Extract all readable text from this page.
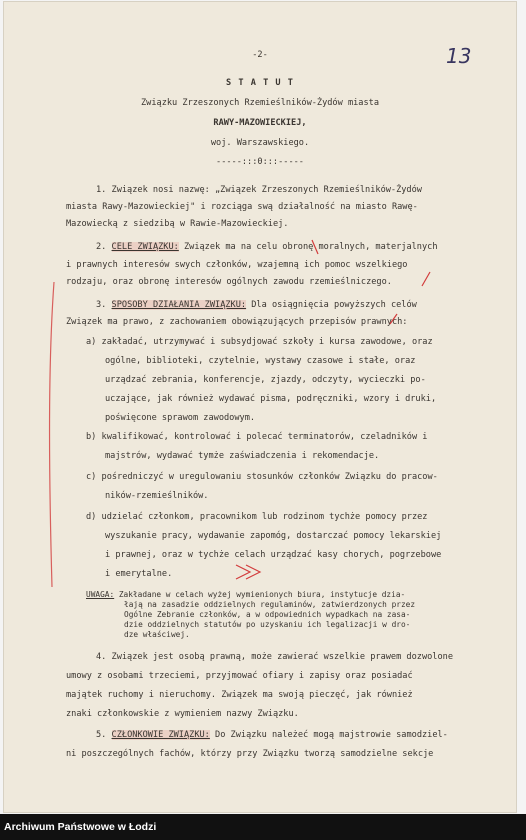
-2-	13
S T A T U T
Związku Zrzeszonych Rzemieślników-Żydów miasta
RAWY-MAZOWIECKIEJ,
woj. Warszawskiego.
-----:::0:::-----
1. Związek nosi nazwę: „Związek Zrzeszonych Rzemieślników-Żydów
miasta Rawy-Mazowieckiej" i rozciąga swą działalność na miasto Rawę-
Mazowiecką z siedzibą w Rawie-Mazowieckiej.
2. CELE ZWIĄZKU: Związek ma na celu obronę moralnych, materjalnych
i prawnych interesów swych członków, wzajemną ich pomoc wszelkiego
rodzaju, oraz obronę interesów ogólnych zawodu rzemieślniczego.
3. SPOSOBY DZIAŁANIA ZWIĄZKU: Dla osiągnięcia powyższych celów
Związek ma prawo, z zachowaniem obowiązujących przepisów prawnych:
a) zakładać, utrzymywać i subsydjować szkoły i kursa zawodowe, oraz
ogólne, biblioteki, czytelnie, wystawy czasowe i stałe, oraz
urządzać zebrania, konferencje, zjazdy, odczyty, wycieczki po-
uczające, jak również wydawać pisma, podręczniki, wzory i druki,
poświęcone sprawom zawodowym.
b) kwalifikować, kontrolować i polecać terminatorów, czeladników i
majstrów, wydawać tymże zaświadczenia i rekomendacje.
c) pośredniczyć w uregulowaniu stosunków członków Związku do pracow-
ników-rzemieślników.
d) udzielać członkom, pracownikom lub rodzinom tychże pomocy przez
wyszukanie pracy, wydawanie zapomóg, dostarczać pomocy lekarskiej
i prawnej, oraz w tychże celach urządzać kasy chorych, pogrzebowe
i emerytalne.
UWAGA: Zakładane w celach wyżej wymienionych biura, instytucje dzia-
łają na zasadzie oddzielnych regulaminów, zatwierdzonych przez
Ogólne Zebranie członków, a w odpowiednich wypadkach na zasa-
dzie oddzielnych statutów po uzyskaniu ich legalizacji w dro-
dze właściwej.
4. Związek jest osobą prawną, może zawierać wszelkie prawem dozwolone
umowy z osobami trzeciemi, przyjmować ofiary i zapisy oraz posiadać
majątek ruchomy i nieruchomy. Związek ma swoją pieczęć, jak również
znaki członkowskie z wymieniem nazwy Związku.
5. CZŁONKOWIE ZWIĄZKU: Do Związku należeć mogą majstrowie samodziel-
ni poszczególnych fachów, którzy przy Związku tworzą samodzielne sekcje
Archiwum Państwowe w Łodzi
